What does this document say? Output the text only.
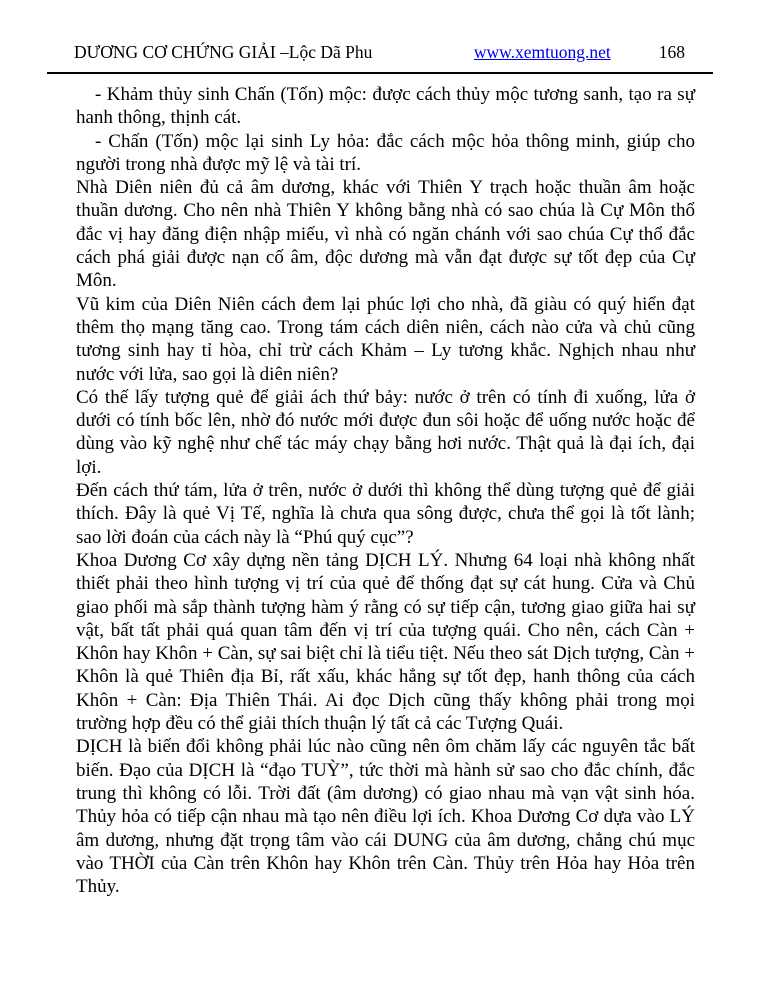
DƯƠNG CƠ CHỨNG GIẢI –Lộc Dã Phu	www.xemtuong.net	168

- Khảm thủy sinh Chấn (Tốn) mộc: được cách thủy mộc tương sanh, tạo ra sự hanh thông, thịnh cát.

- Chấn (Tốn) mộc lại sinh Ly hỏa: đắc cách mộc hỏa thông minh, giúp cho người trong nhà được mỹ lệ và tài trí.

Nhà Diên niên đủ cả âm dương, khác với Thiên Y trạch hoặc thuần âm hoặc thuần dương. Cho nên nhà Thiên Y không bằng nhà có sao chúa là Cự Môn thổ đắc vị hay đăng điện nhập miếu, vì nhà có ngăn chánh với sao chúa Cự thổ đắc cách phá giải được nạn cố âm, độc dương mà vẫn đạt được sự tốt đẹp của Cự Môn.

Vũ kim của Diên Niên cách đem lại phúc lợi cho nhà, đã giàu có quý hiển đạt thêm thọ mạng tăng cao. Trong tám cách diên niên, cách nào cửa và chủ cũng tương sinh hay tỉ hòa, chỉ trừ cách Khảm – Ly tương khắc. Nghịch nhau như nước với lửa, sao gọi là diên niên?

Có thế lấy tượng quẻ để giải ách thứ bảy: nước ở trên có tính đi xuống, lửa ở dưới có tính bốc lên, nhờ đó nước mới được đun sôi hoặc để uống nước hoặc để dùng vào kỹ nghệ như chế tác máy chạy bằng hơi nước. Thật quả là đại ích, đại lợi.

Đến cách thứ tám, lửa ở trên, nước ở dưới thì không thể dùng tượng quẻ để giải thích. Đây là quẻ Vị Tế, nghĩa là chưa qua sông được, chưa thể gọi là tốt lành; sao lời đoán của cách này là “Phú quý cục”?

Khoa Dương Cơ xây dựng nền tảng DỊCH LÝ. Nhưng 64 loại nhà không nhất thiết phải theo hình tượng vị trí của quẻ để thống đạt sự cát hung. Cửa và Chủ giao phối mà sắp thành tượng hàm ý rằng có sự tiếp cận, tương giao giữa hai sự vật, bất tất phải quá quan tâm đến vị trí của tượng quái. Cho nên, cách Càn + Khôn hay Khôn + Càn, sự sai biệt chỉ là tiểu tiệt. Nếu theo sát Dịch tượng, Càn + Khôn là quẻ Thiên địa Bỉ, rất xấu, khác hẳng sự tốt đẹp, hanh thông của cách Khôn + Càn: Địa Thiên Thái. Ai đọc Dịch cũng thấy không phải trong mọi trường hợp đều có thể giải thích thuận lý tất cả các Tượng Quái.

DỊCH là biến đổi không phải lúc nào cũng nên ôm chăm lấy các nguyên tắc bất biến. Đạo của DỊCH là “đạo TUỲ”, tức thời mà hành sử sao cho đắc chính, đắc trung thì không có lỗi. Trời đất (âm dương) có giao nhau mà vạn vật sinh hóa. Thủy hỏa có tiếp cận nhau mà tạo nên điều lợi ích. Khoa Dương Cơ dựa vào LÝ âm dương, nhưng đặt trọng tâm vào cái DUNG của âm dương, chẳng chú mục vào THỜI của Càn trên Khôn hay Khôn trên Càn. Thủy trên Hỏa hay Hỏa trên Thủy.
